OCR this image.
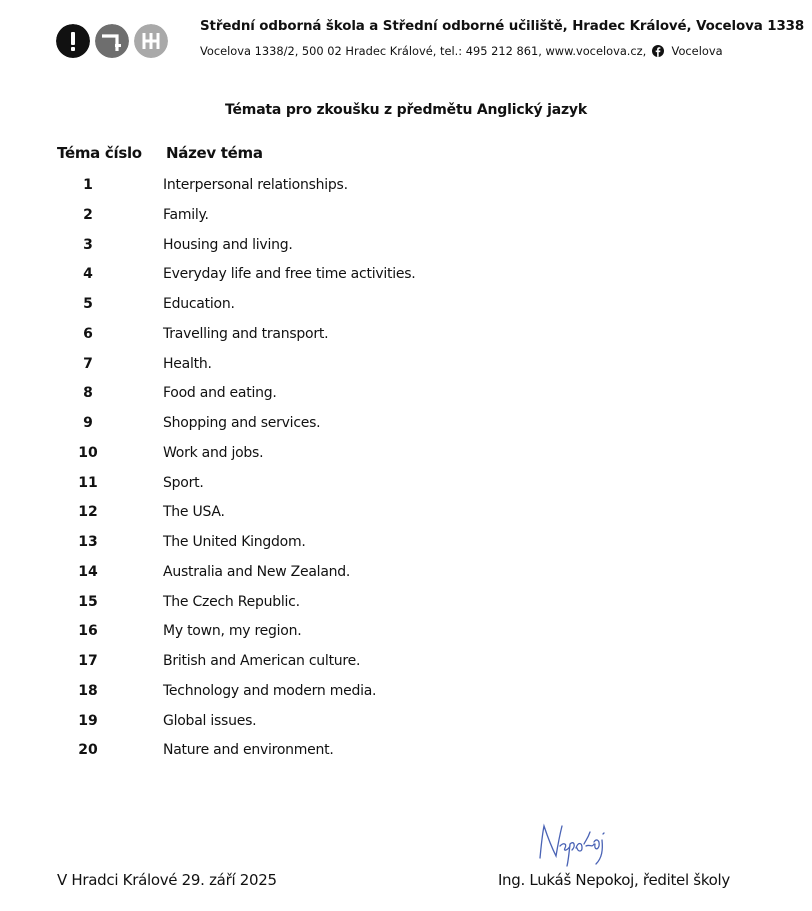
Střední odborná škola a Střední odborné učiliště, Hradec Králové, Vocelova 1338
Vocelova 1338/2, 500 02 Hradec Králové, tel.: 495 212 861, www.vocelova.cz, Vocelova
Témata pro zkoušku z předmětu Anglický jazyk
Téma číslo Název téma
1	Interpersonal relationships.
2	Family.
3	Housing and living.
4	Everyday life and free time activities.
5	Education.
6	Travelling and transport.
7	Health.
8	Food and eating.
9	Shopping and services.
10	Work and jobs.
11	Sport.
12	The USA.
13	The United Kingdom.
14	Australia and New Zealand.
15	The Czech Republic.
16	My town, my region.
17	British and American culture.
18	Technology and modern media.
19	Global issues.
20	Nature and environment.
V Hradci Králové 29. září 2025	Ing. Lukáš Nepokoj, ředitel školy
